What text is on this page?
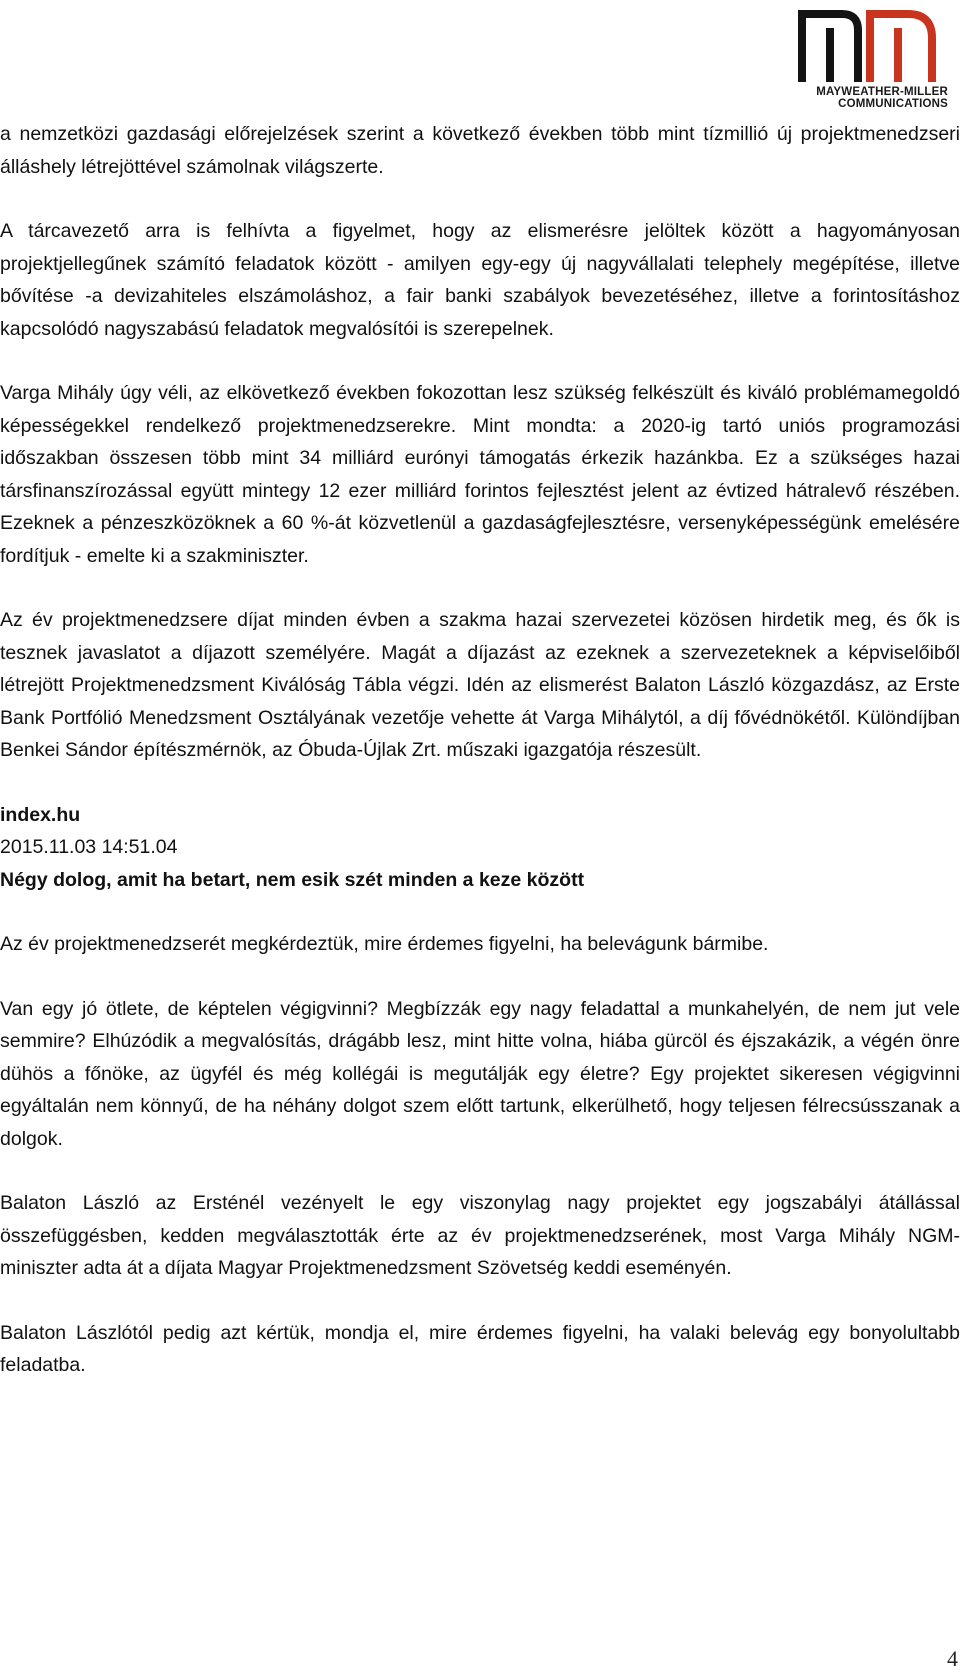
MAYWEATHER-MILLER
COMMUNICATIONS

a nemzetközi gazdasági előrejelzések szerint a következő években több mint tízmillió új projektmenedzseri álláshely létrejöttével számolnak világszerte.

A tárcavezető arra is felhívta a figyelmet, hogy az elismerésre jelöltek között a hagyományosan projektjellegűnek számító feladatok között - amilyen egy-egy új nagyvállalati telephely megépítése, illetve bővítése -a devizahiteles elszámoláshoz, a fair banki szabályok bevezetéséhez, illetve a forintosításhoz kapcsolódó nagyszabású feladatok megvalósítói is szerepelnek.

Varga Mihály úgy véli, az elkövetkező években fokozottan lesz szükség felkészült és kiváló problémamegoldó képességekkel rendelkező projektmenedzserekre. Mint mondta: a 2020-ig tartó uniós programozási időszakban összesen több mint 34 milliárd eurónyi támogatás érkezik hazánkba. Ez a szükséges hazai társfinanszírozással együtt mintegy 12 ezer milliárd forintos fejlesztést jelent az évtized hátralevő részében. Ezeknek a pénzeszközöknek a 60 %-át közvetlenül a gazdaságfejlesztésre, versenyképességünk emelésére fordítjuk - emelte ki a szakminiszter.

Az év projektmenedzsere díjat minden évben a szakma hazai szervezetei közösen hirdetik meg, és ők is tesznek javaslatot a díjazott személyére. Magát a díjazást az ezeknek a szervezeteknek a képviselőiből létrejött Projektmenedzsment Kiválóság Tábla végzi. Idén az elismerést Balaton László közgazdász, az Erste Bank Portfólió Menedzsment Osztályának vezetője vehette át Varga Mihálytól, a díj fővédnökétől. Különdíjban Benkei Sándor építészmérnök, az Óbuda-Újlak Zrt. műszaki igazgatója részesült.

index.hu

2015.11.03 14:51.04

Négy dolog, amit ha betart, nem esik szét minden a keze között

Az év projektmenedzserét megkérdeztük, mire érdemes figyelni, ha belevágunk bármibe.

Van egy jó ötlete, de képtelen végigvinni? Megbízzák egy nagy feladattal a munkahelyén, de nem jut vele semmire? Elhúzódik a megvalósítás, drágább lesz, mint hitte volna, hiába gürcöl és éjszakázik, a végén önre dühös a főnöke, az ügyfél és még kollégái is megutálják egy életre? Egy projektet sikeresen végigvinni egyáltalán nem könnyű, de ha néhány dolgot szem előtt tartunk, elkerülhető, hogy teljesen félrecsússzanak a dolgok.

Balaton László az Ersténél vezényelt le egy viszonylag nagy projektet egy jogszabályi átállással összefüggésben, kedden megválasztották érte az év projektmenedzserének, most Varga Mihály NGM-miniszter adta át a díjata Magyar Projektmenedzsment Szövetség keddi eseményén.

Balaton Lászlótól pedig azt kértük, mondja el, mire érdemes figyelni, ha valaki belevág egy bonyolultabb feladatba.

4
